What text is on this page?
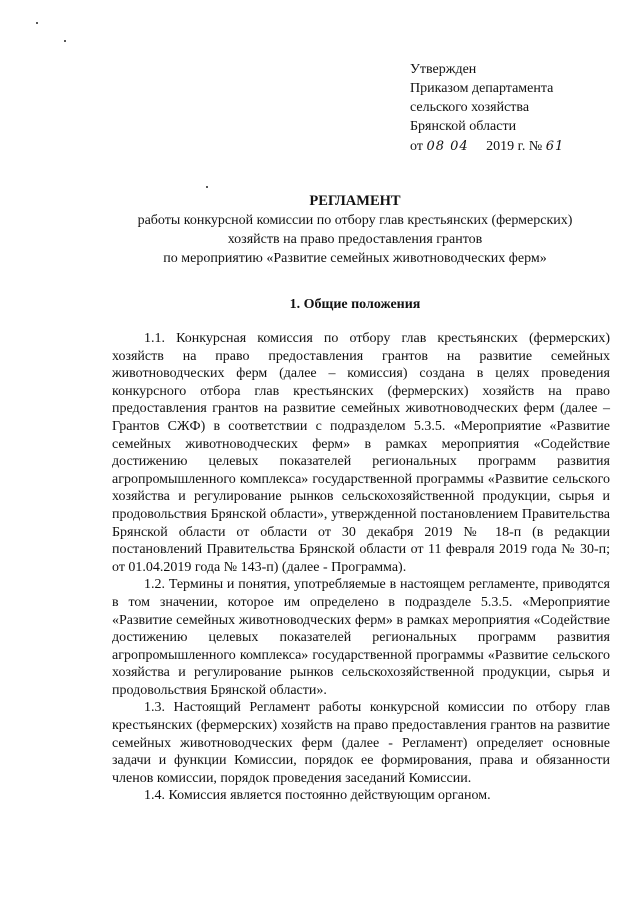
Утвержден
Приказом департамента
сельского хозяйства
Брянской области
от 08 04 2019 г. № 61
РЕГЛАМЕНТ
работы конкурсной комиссии по отбору глав крестьянских (фермерских)
хозяйств на право предоставления грантов
по мероприятию «Развитие семейных животноводческих ферм»
1. Общие положения

1.1. Конкурсная комиссия по отбору глав крестьянских (фермерских) хозяйств на право предоставления грантов на развитие семейных животноводческих ферм (далее – комиссия) создана в целях проведения конкурсного отбора глав крестьянских (фермерских) хозяйств на право предоставления грантов на развитие семейных животноводческих ферм (далее – Грантов СЖФ) в соответствии с подразделом 5.3.5. «Мероприятие «Развитие семейных животноводческих ферм» в рамках мероприятия «Содействие достижению целевых показателей региональных программ развития агропромышленного комплекса» государственной программы «Развитие сельского хозяйства и регулирование рынков сельскохозяйственной продукции, сырья и продовольствия Брянской области», утвержденной постановлением Правительства Брянской области от области от 30 декабря 2019 № 18-п (в редакции постановлений Правительства Брянской области от 11 февраля 2019 года № 30-п; от 01.04.2019 года № 143-п) (далее - Программа).

1.2. Термины и понятия, употребляемые в настоящем регламенте, приводятся в том значении, которое им определено в подразделе 5.3.5. «Мероприятие «Развитие семейных животноводческих ферм» в рамках мероприятия «Содействие достижению целевых показателей региональных программ развития агропромышленного комплекса» государственной программы «Развитие сельского хозяйства и регулирование рынков сельскохозяйственной продукции, сырья и продовольствия Брянской области».

1.3. Настоящий Регламент работы конкурсной комиссии по отбору глав крестьянских (фермерских) хозяйств на право предоставления грантов на развитие семейных животноводческих ферм (далее - Регламент) определяет основные задачи и функции Комиссии, порядок ее формирования, права и обязанности членов комиссии, порядок проведения заседаний Комиссии.

1.4. Комиссия является постоянно действующим органом.
